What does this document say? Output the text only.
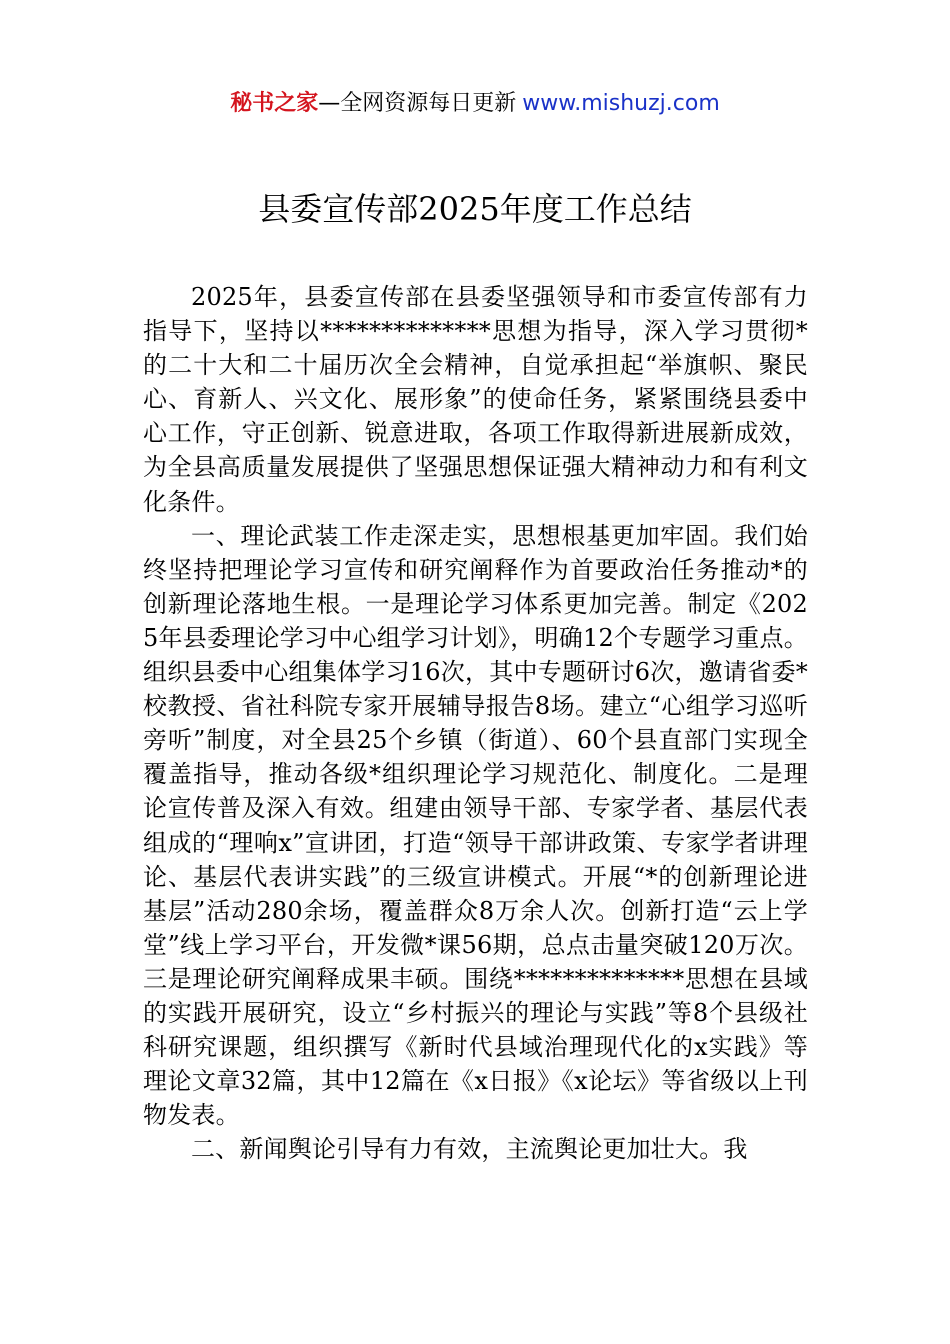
秘书之家—全网资源每日更新 www.mishuzj.com
县委宣传部2025年度工作总结

2025年，县委宣传部在县委坚强领导和市委宣传部有力指导下，坚持以**************思想为指导，深入学习贯彻*的二十大和二十届历次全会精神，自觉承担起“举旗帜、聚民心、育新人、兴文化、展形象”的使命任务，紧紧围绕县委中心工作，守正创新、锐意进取，各项工作取得新进展新成效，为全县高质量发展提供了坚强思想保证强大精神动力和有利文化条件。

一、理论武装工作走深走实，思想根基更加牢固。我们始终坚持把理论学习宣传和研究阐释作为首要政治任务推动*的创新理论落地生根。一是理论学习体系更加完善。制定《2025年县委理论学习中心组学习计划》，明确12个专题学习重点。组织县委中心组集体学习16次，其中专题研讨6次，邀请省委*校教授、省社科院专家开展辅导报告8场。建立“心组学习巡听旁听”制度，对全县25个乡镇（街道）、60个县直部门实现全覆盖指导，推动各级*组织理论学习规范化、制度化。二是理论宣传普及深入有效。组建由领导干部、专家学者、基层代表组成的“理响x”宣讲团，打造“领导干部讲政策、专家学者讲理论、基层代表讲实践”的三级宣讲模式。开展“*的创新理论进基层”活动280余场，覆盖群众8万余人次。创新打造“云上学堂”线上学习平台，开发微*课56期，总点击量突破120万次。三是理论研究阐释成果丰硕。围绕**************思想在县域的实践开展研究，设立“乡村振兴的理论与实践”等8个县级社科研究课题，组织撰写《新时代县域治理现代化的x实践》等理论文章32篇，其中12篇在《x日报》《x论坛》等省级以上刊物发表。

二、新闻舆论引导有力有效，主流舆论更加壮大。我
